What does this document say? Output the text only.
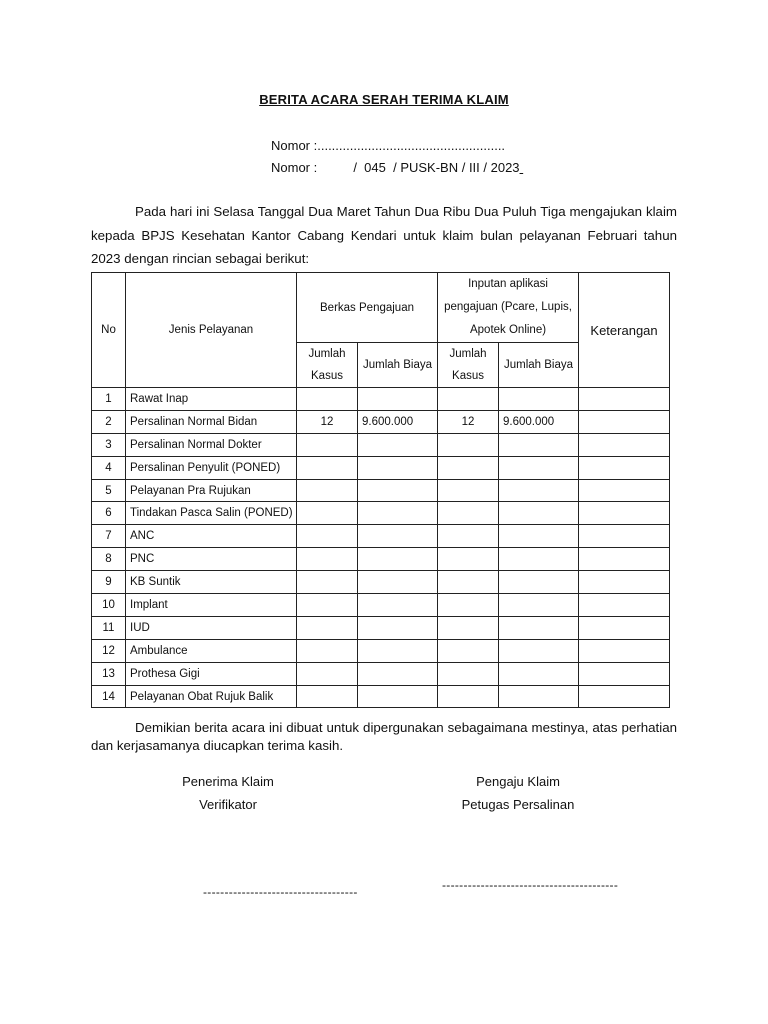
BERITA ACARA SERAH TERIMA KLAIM
Nomor :....................................................
Nomor :          /  045  / PUSK-BN / III / 2023
Pada hari ini Selasa Tanggal Dua Maret Tahun Dua Ribu Dua Puluh Tiga mengajukan klaim kepada BPJS Kesehatan Kantor Cabang Kendari untuk klaim bulan pelayanan Februari tahun 2023 dengan rincian sebagai berikut:
No	Jenis Pelayanan	Berkas Pengajuan		Inputan aplikasi pengajuan (Pcare, Lupis, Apotek Online)		Keterangan
		Jumlah Kasus	Jumlah Biaya	Jumlah Kasus	Jumlah Biaya	
1	Rawat Inap					
2	Persalinan Normal Bidan	12	9.600.000	12	9.600.000	
3	Persalinan Normal Dokter					
4	Persalinan Penyulit (PONED)					
5	Pelayanan Pra Rujukan					
6	Tindakan Pasca Salin (PONED)					
7	ANC					
8	PNC					
9	KB Suntik					
10	Implant					
11	IUD					
12	Ambulance					
13	Prothesa Gigi					
14	Pelayanan Obat Rujuk Balik					
Demikian berita acara ini dibuat untuk dipergunakan sebagaimana mestinya, atas perhatian dan kerjasamanya diucapkan terima kasih.
Penerima Klaim
Verifikator
Pengaju Klaim
Petugas Persalinan
------------------------------------	-----------------------------------------
